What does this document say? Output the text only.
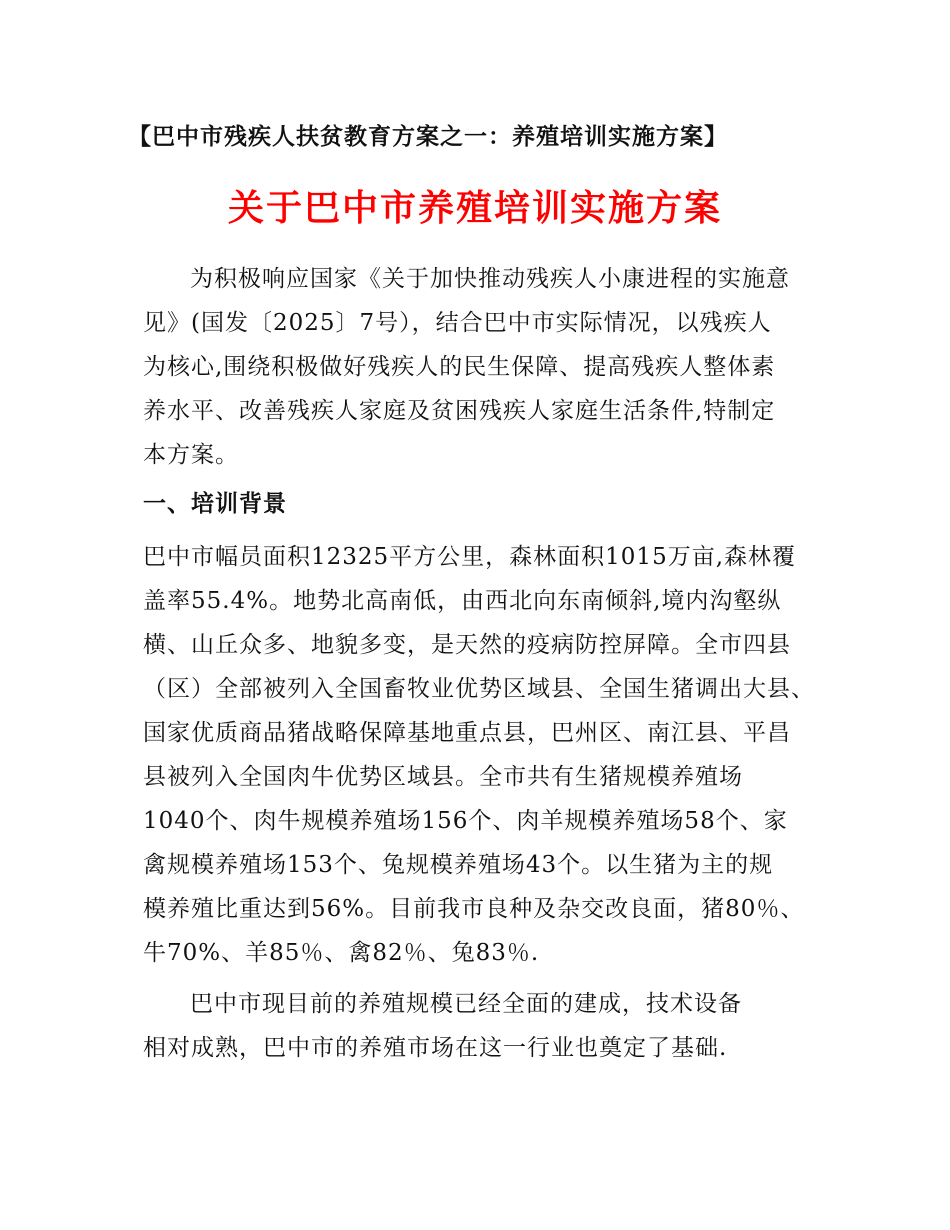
【巴中市残疾人扶贫教育方案之一：养殖培训实施方案】
关于巴中市养殖培训实施方案
为积极响应国家《关于加快推动残疾人小康进程的实施意
见》(国发〔2025〕7号），结合巴中市实际情况，以残疾人
为核心,围绕积极做好残疾人的民生保障、提高残疾人整体素
养水平、改善残疾人家庭及贫困残疾人家庭生活条件,特制定
本方案。
一、培训背景
巴中市幅员面积12325平方公里，森林面积1015万亩,森林覆
盖率55.4%。地势北高南低，由西北向东南倾斜,境内沟壑纵
横、山丘众多、地貌多变，是天然的疫病防控屏障。全市四县
（区）全部被列入全国畜牧业优势区域县、全国生猪调出大县、
国家优质商品猪战略保障基地重点县，巴州区、南江县、平昌
县被列入全国肉牛优势区域县。全市共有生猪规模养殖场
1040个、肉牛规模养殖场156个、肉羊规模养殖场58个、家
禽规模养殖场153个、兔规模养殖场43个。以生猪为主的规
模养殖比重达到56%。目前我市良种及杂交改良面，猪80％、
牛70%、羊85％、禽82％、兔83％.
巴中市现目前的养殖规模已经全面的建成，技术设备
相对成熟，巴中市的养殖市场在这一行业也奠定了基础.
